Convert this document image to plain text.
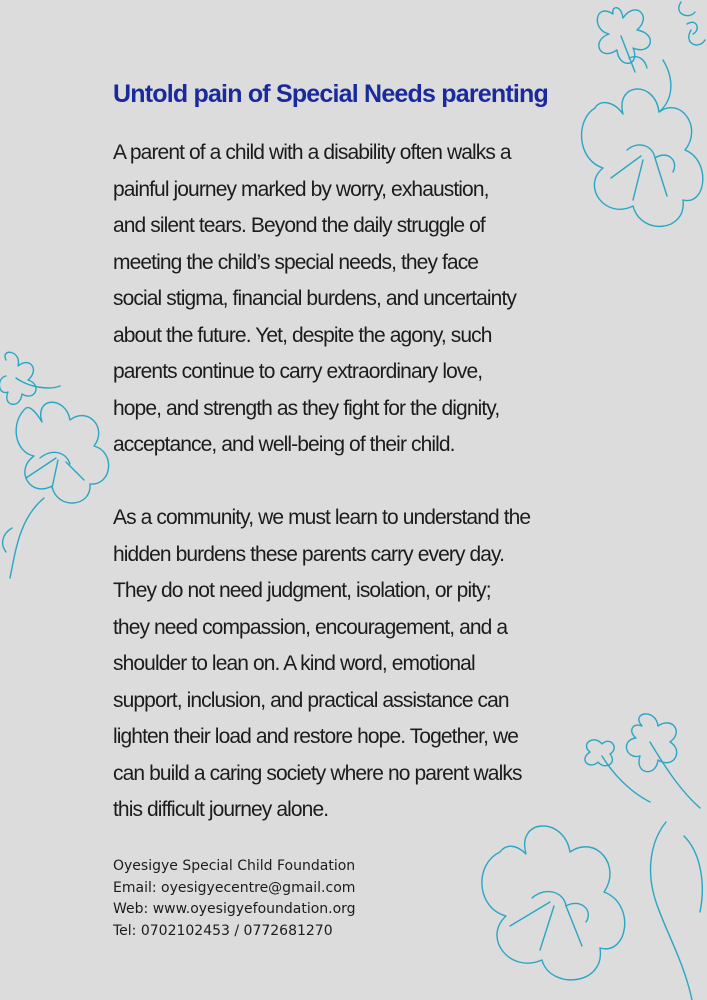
Untold pain of Special Needs parenting
A parent of a child with a disability often walks a
painful journey marked by worry, exhaustion,
and silent tears. Beyond the daily struggle of
meeting the child’s special needs, they face
social stigma, financial burdens, and uncertainty
about the future. Yet, despite the agony, such
parents continue to carry extraordinary love,
hope, and strength as they fight for the dignity,
acceptance, and well-being of their child.
As a community, we must learn to understand the
hidden burdens these parents carry every day.
They do not need judgment, isolation, or pity;
they need compassion, encouragement, and a
shoulder to lean on. A kind word, emotional
support, inclusion, and practical assistance can
lighten their load and restore hope. Together, we
can build a caring society where no parent walks
this difficult journey alone.
Oyesigye Special Child Foundation
Email: oyesigyecentre@gmail.com
Web: www.oyesigyefoundation.org
Tel: 0702102453 / 0772681270
